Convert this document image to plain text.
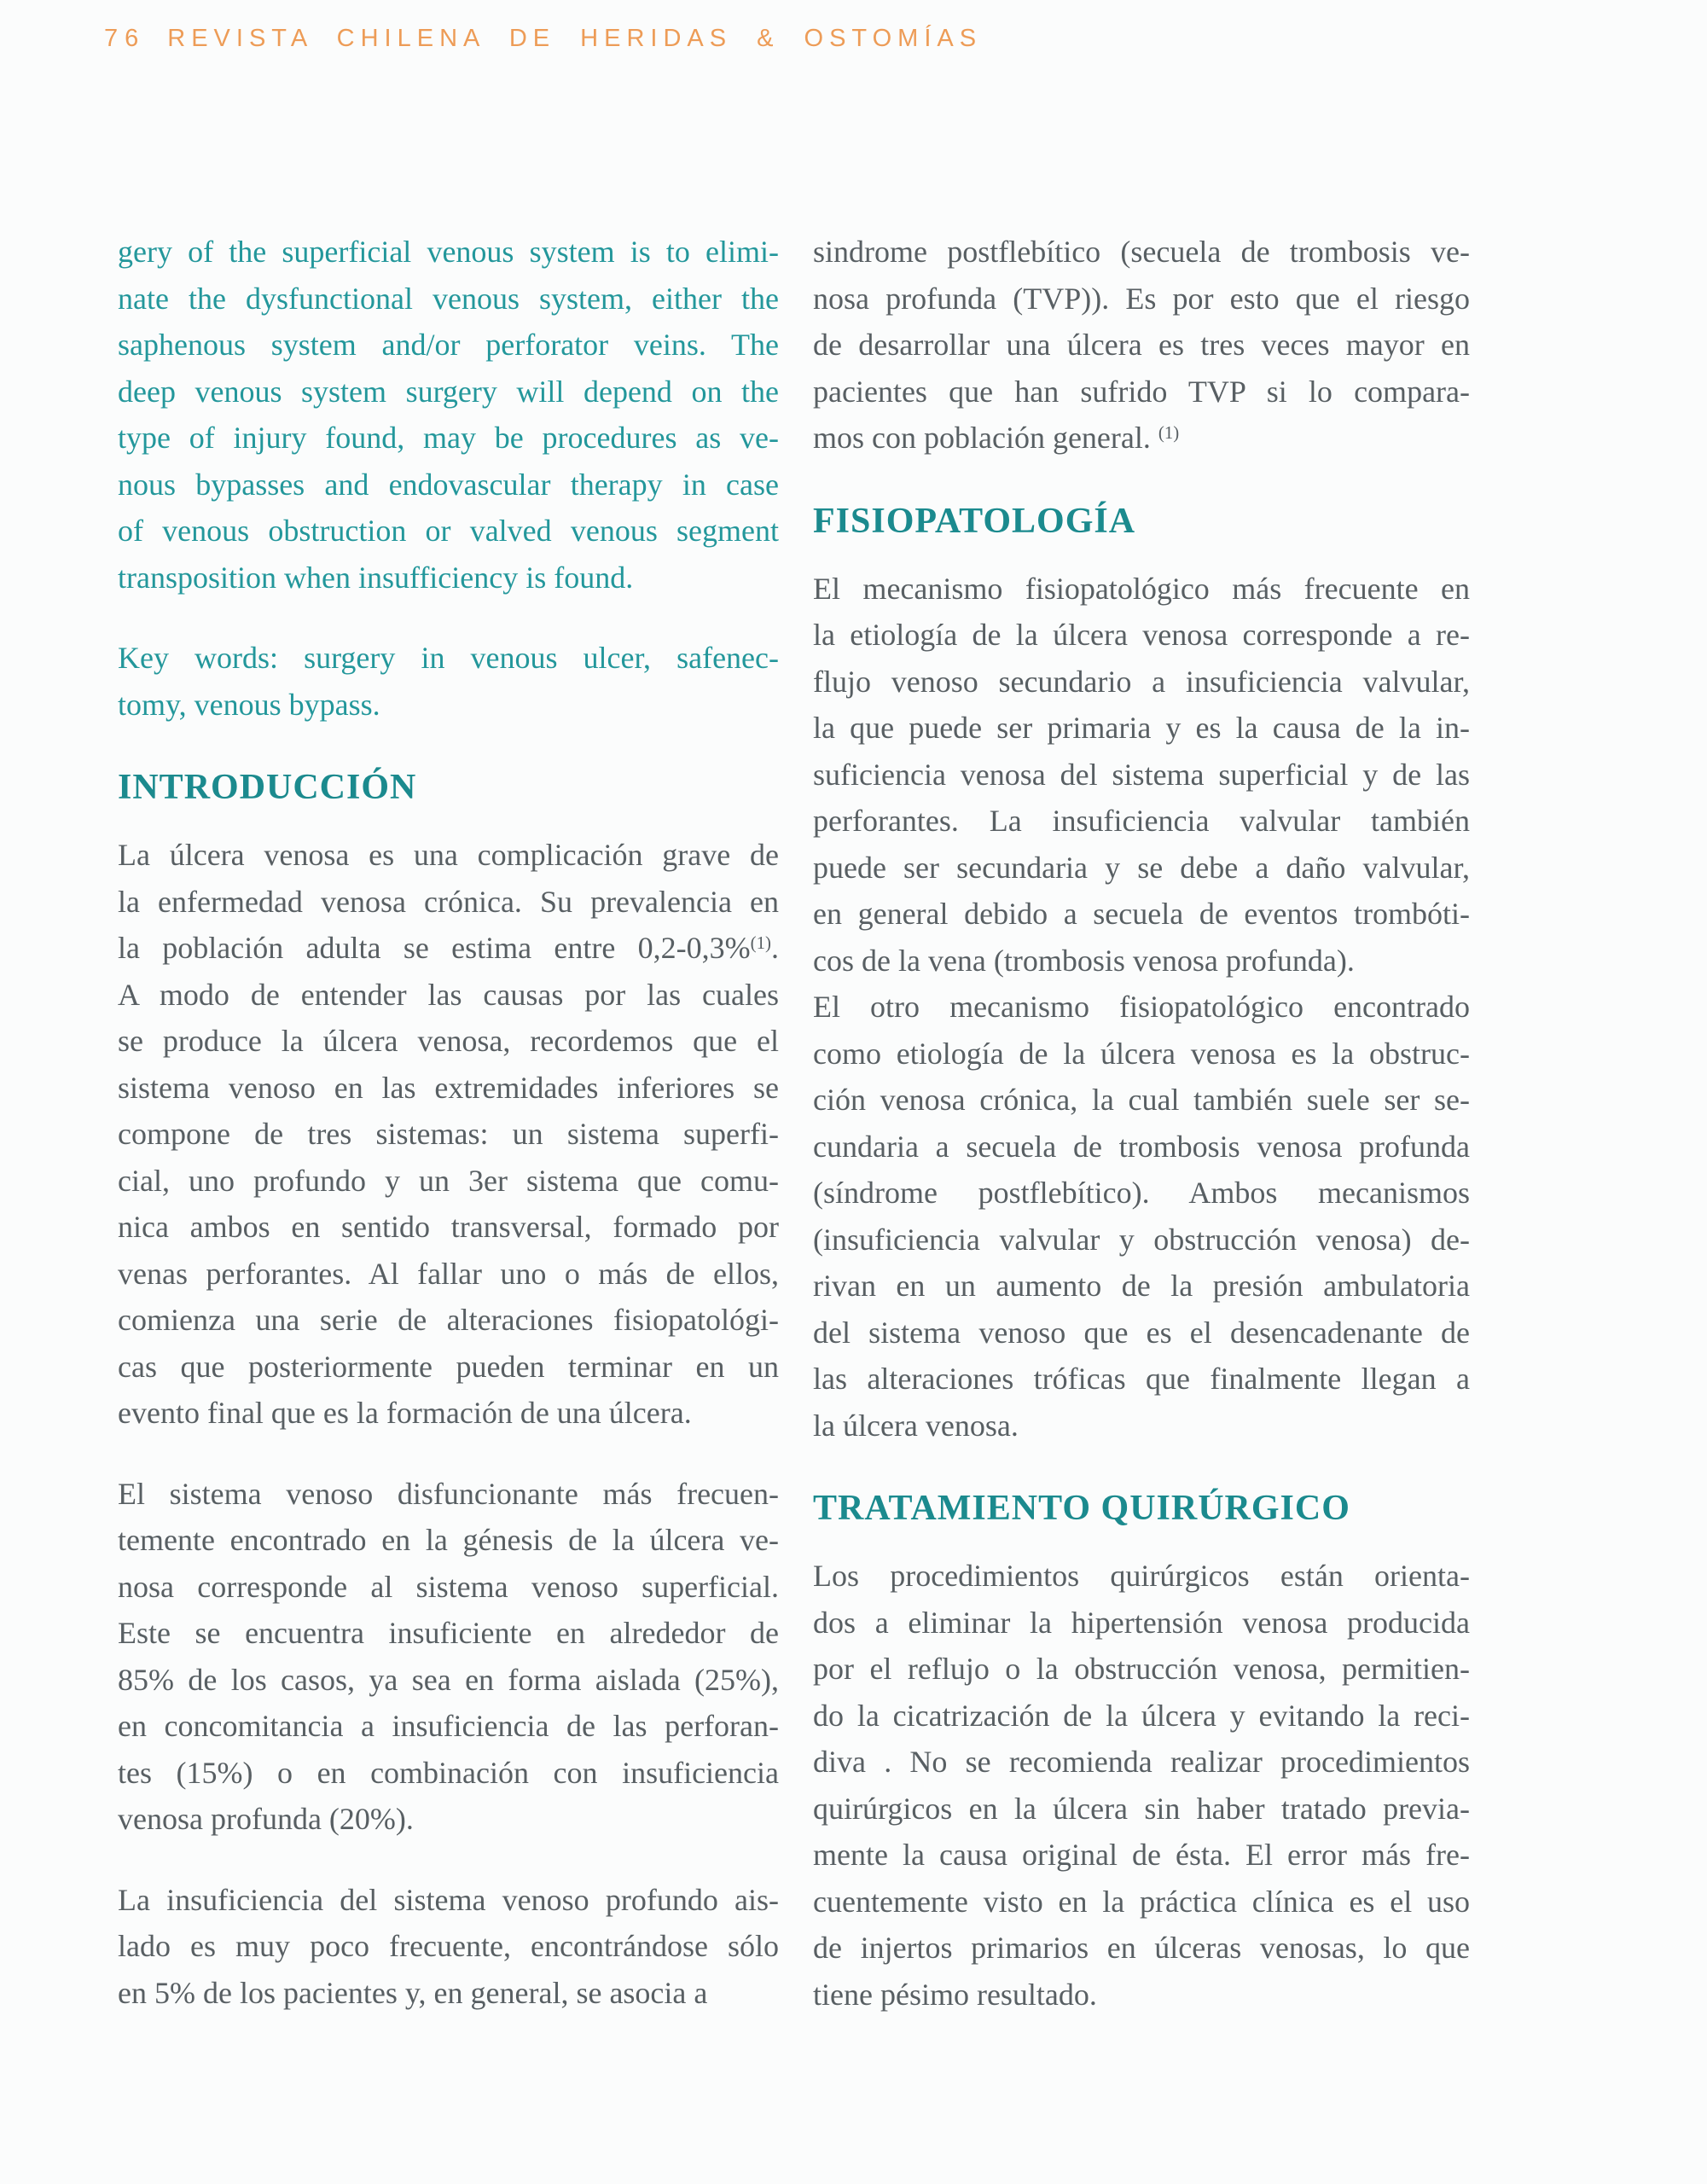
76 REVISTA CHILENA DE HERIDAS & OSTOMÍAS

gery of the superficial venous system is to elimi-
nate the dysfunctional venous system, either the
saphenous system and/or perforator veins. The
deep venous system surgery will depend on the
type of injury found, may be procedures as ve-
nous bypasses and endovascular therapy in case
of venous obstruction or valved venous segment
transposition when insufficiency is found.

Key words: surgery in venous ulcer, safenec-
tomy, venous bypass.

INTRODUCCIÓN

La úlcera venosa es una complicación grave de
la enfermedad venosa crónica. Su prevalencia en
la población adulta se estima entre 0,2-0,3%$^{(1)}$.
A modo de entender las causas por las cuales
se produce la úlcera venosa, recordemos que el
sistema venoso en las extremidades inferiores se
compone de tres sistemas: un sistema superfi-
cial, uno profundo y un 3er sistema que comu-
nica ambos en sentido transversal, formado por
venas perforantes. Al fallar uno o más de ellos,
comienza una serie de alteraciones fisiopatológi-
cas que posteriormente pueden terminar en un
evento final que es la formación de una úlcera.

El sistema venoso disfuncionante más frecuen-
temente encontrado en la génesis de la úlcera ve-
nosa corresponde al sistema venoso superficial.
Este se encuentra insuficiente en alrededor de
85% de los casos, ya sea en forma aislada (25%),
en concomitancia a insuficiencia de las perforan-
tes (15%) o en combinación con insuficiencia
venosa profunda (20%).

La insuficiencia del sistema venoso profundo ais-
lado es muy poco frecuente, encontrándose sólo
en 5% de los pacientes y, en general, se asocia a

sindrome postflebítico (secuela de trombosis ve-
nosa profunda (TVP)). Es por esto que el riesgo
de desarrollar una úlcera es tres veces mayor en
pacientes que han sufrido TVP si lo compara-
mos con población general. $^{(1)}$

FISIOPATOLOGÍA

El mecanismo fisiopatológico más frecuente en
la etiología de la úlcera venosa corresponde a re-
flujo venoso secundario a insuficiencia valvular,
la que puede ser primaria y es la causa de la in-
suficiencia venosa del sistema superficial y de las
perforantes. La insuficiencia valvular también
puede ser secundaria y se debe a daño valvular,
en general debido a secuela de eventos trombóti-
cos de la vena (trombosis venosa profunda).

El otro mecanismo fisiopatológico encontrado
como etiología de la úlcera venosa es la obstruc-
ción venosa crónica, la cual también suele ser se-
cundaria a secuela de trombosis venosa profunda
(síndrome postflebítico). Ambos mecanismos
(insuficiencia valvular y obstrucción venosa) de-
rivan en un aumento de la presión ambulatoria
del sistema venoso que es el desencadenante de
las alteraciones tróficas que finalmente llegan a
la úlcera venosa.

TRATAMIENTO QUIRÚRGICO

Los procedimientos quirúrgicos están orienta-
dos a eliminar la hipertensión venosa producida
por el reflujo o la obstrucción venosa, permitien-
do la cicatrización de la úlcera y evitando la reci-
diva . No se recomienda realizar procedimientos
quirúrgicos en la úlcera sin haber tratado previa-
mente la causa original de ésta. El error más fre-
cuentemente visto en la práctica clínica es el uso
de injertos primarios en úlceras venosas, lo que
tiene pésimo resultado.
